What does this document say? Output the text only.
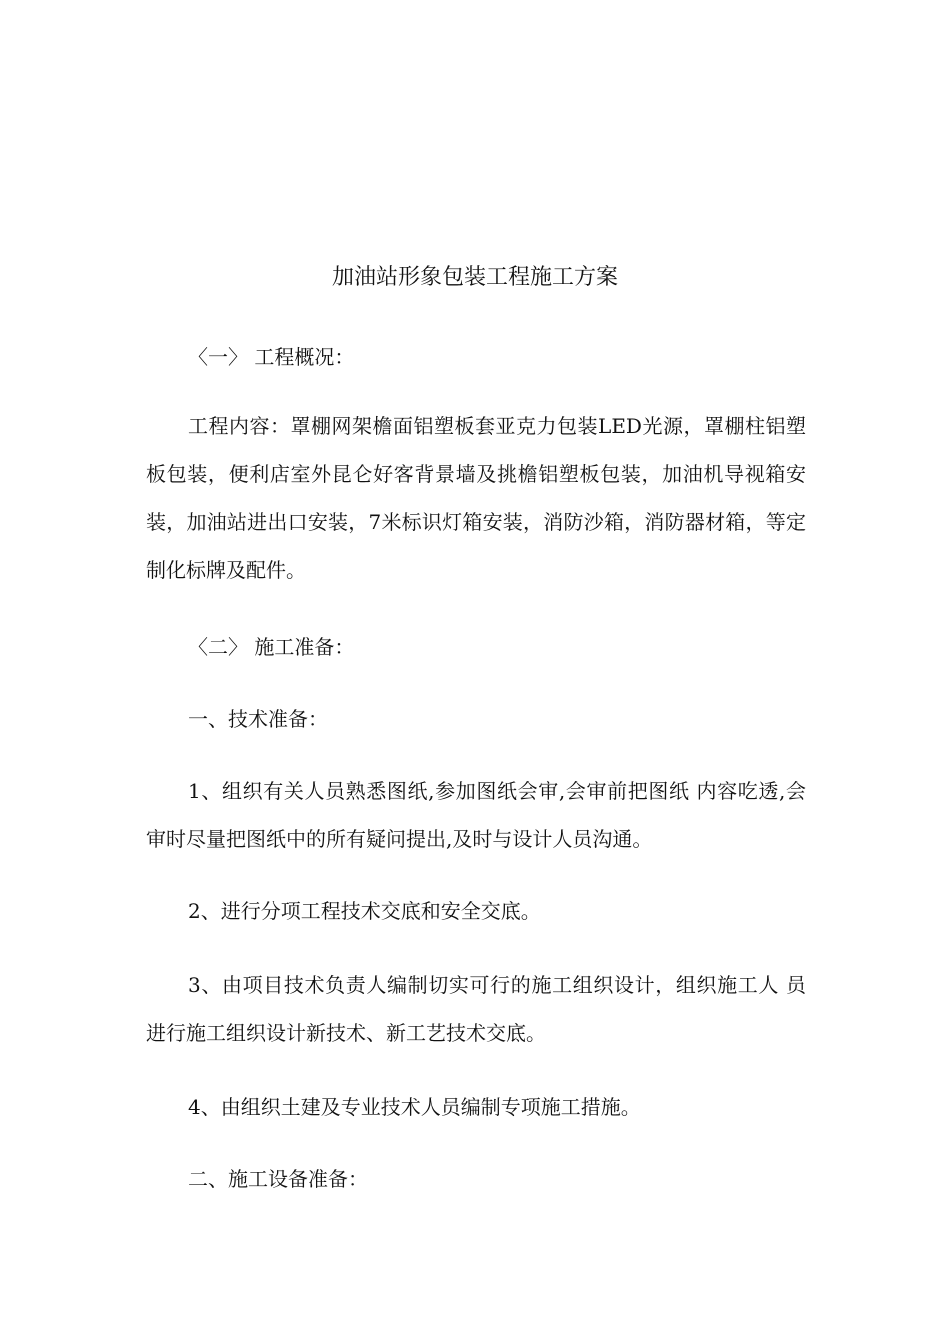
加油站形象包装工程施工方案
〈一〉 工程概况：

工程内容：罩棚网架檐面铝塑板套亚克力包装LED光源，罩棚柱铝塑板包装，便利店室外昆仑好客背景墙及挑檐铝塑板包装，加油机导视箱安装，加油站进出口安装，7米标识灯箱安装，消防沙箱，消防器材箱，等定制化标牌及配件。

〈二〉 施工准备：
一、技术准备：

1、组织有关人员熟悉图纸,参加图纸会审,会审前把图纸 内容吃透,会审时尽量把图纸中的所有疑问提出,及时与设计人员沟通。

2、进行分项工程技术交底和安全交底。

3、由项目技术负责人编制切实可行的施工组织设计，组织施工人 员进行施工组织设计新技术、新工艺技术交底。

4、由组织土建及专业技术人员编制专项施工措施。

二、施工设备准备：
